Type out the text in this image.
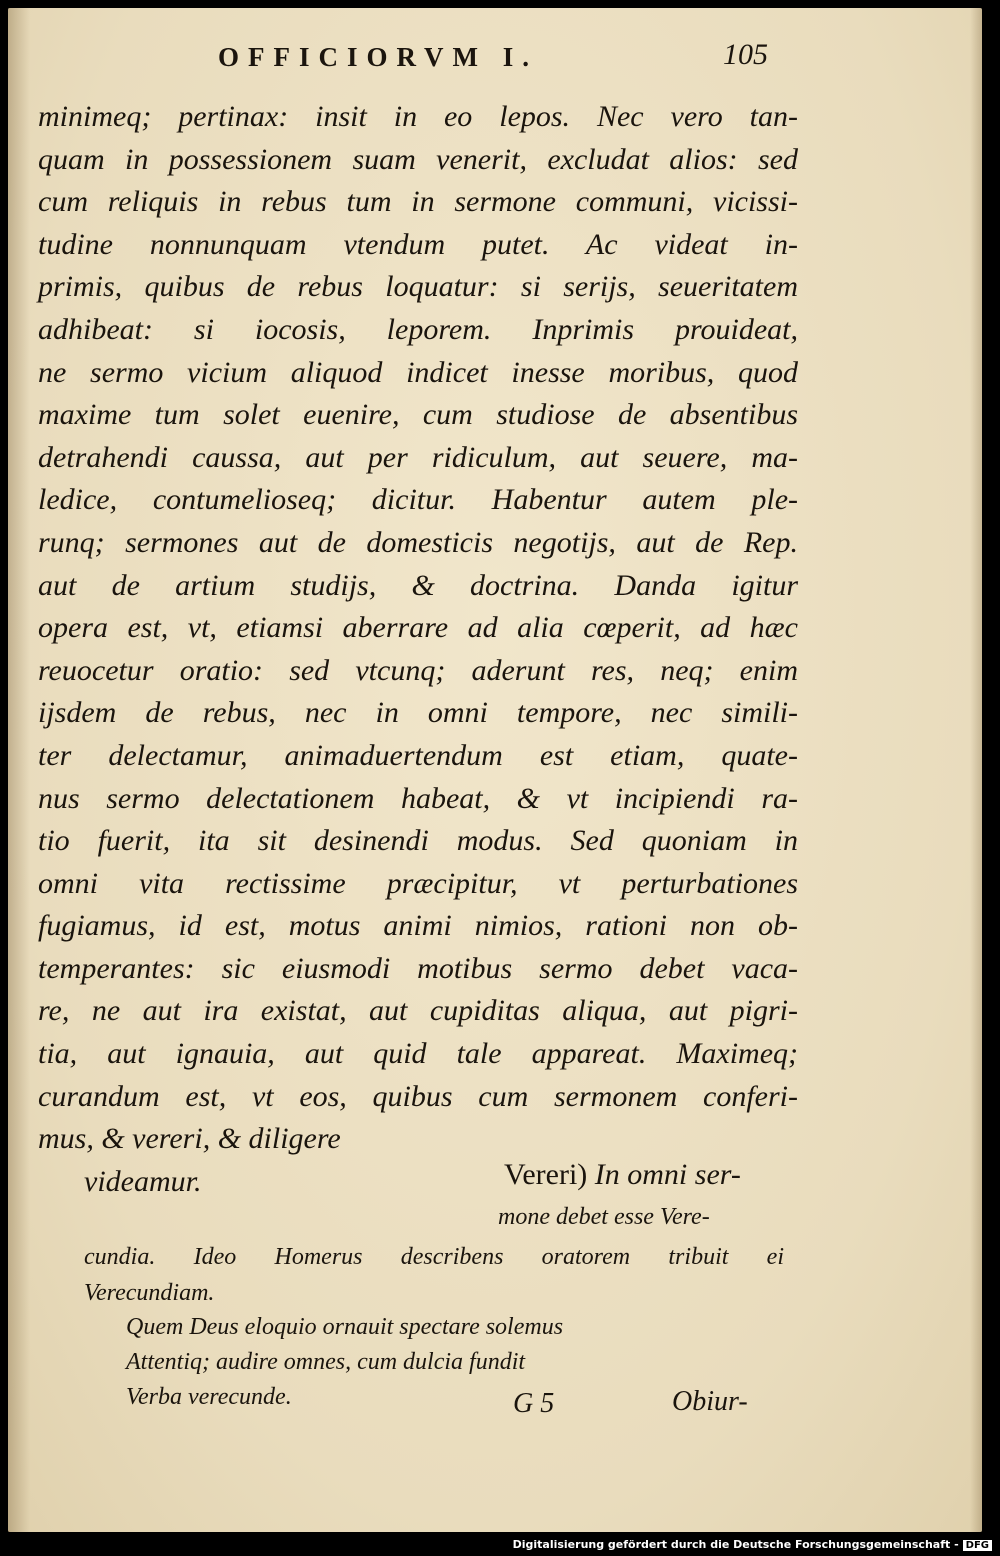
OFFICIORVM I.	105
minimeq; pertinax: insit in eo lepos. Nec vero tan-
quam in possessionem suam venerit, excludat alios: sed
cum reliquis in rebus tum in sermone communi, vicissi-
tudine nonnunquam vtendum putet. Ac videat in-
primis, quibus de rebus loquatur: si serijs, seueritatem
adhibeat: si iocosis, leporem. Inprimis prouideat,
ne sermo vicium aliquod indicet inesse moribus, quod
maxime tum solet euenire, cum studiose de absentibus
detrahendi caussa, aut per ridiculum, aut seuere, ma-
ledice, contumelioseq; dicitur. Habentur autem ple-
runq; sermones aut de domesticis negotijs, aut de Rep.
aut de artium studijs, & doctrina. Danda igitur
opera est, vt, etiamsi aberrare ad alia cœperit, ad hæc
reuocetur oratio: sed vtcunq; aderunt res, neq; enim
ijsdem de rebus, nec in omni tempore, nec simili-
ter delectamur, animaduertendum est etiam, quate-
nus sermo delectationem habeat, & vt incipiendi ra-
tio fuerit, ita sit desinendi modus. Sed quoniam in
omni vita rectissime præcipitur, vt perturbationes
fugiamus, id est, motus animi nimios, rationi non ob-
temperantes: sic eiusmodi motibus sermo debet vaca-
re, ne aut ira existat, aut cupiditas aliqua, aut pigri-
tia, aut ignauia, aut quid tale appareat. Maximeq;
curandum est, vt eos, quibus cum sermonem conferi-
mus, & vereri, & diligere
videamur.	Vereri) In omni ser-
mone debet esse Vere-
cundia. Ideo Homerus describens oratorem tribuit ei
Verecundiam.
Quem Deus eloquio ornauit spectare solemus
Attentiq; audire omnes, cum dulcia fundit
Verba verecunde.	G 5	Obiur-
Digitalisierung gefördert durch die Deutsche Forschungsgemeinschaft - DFG
